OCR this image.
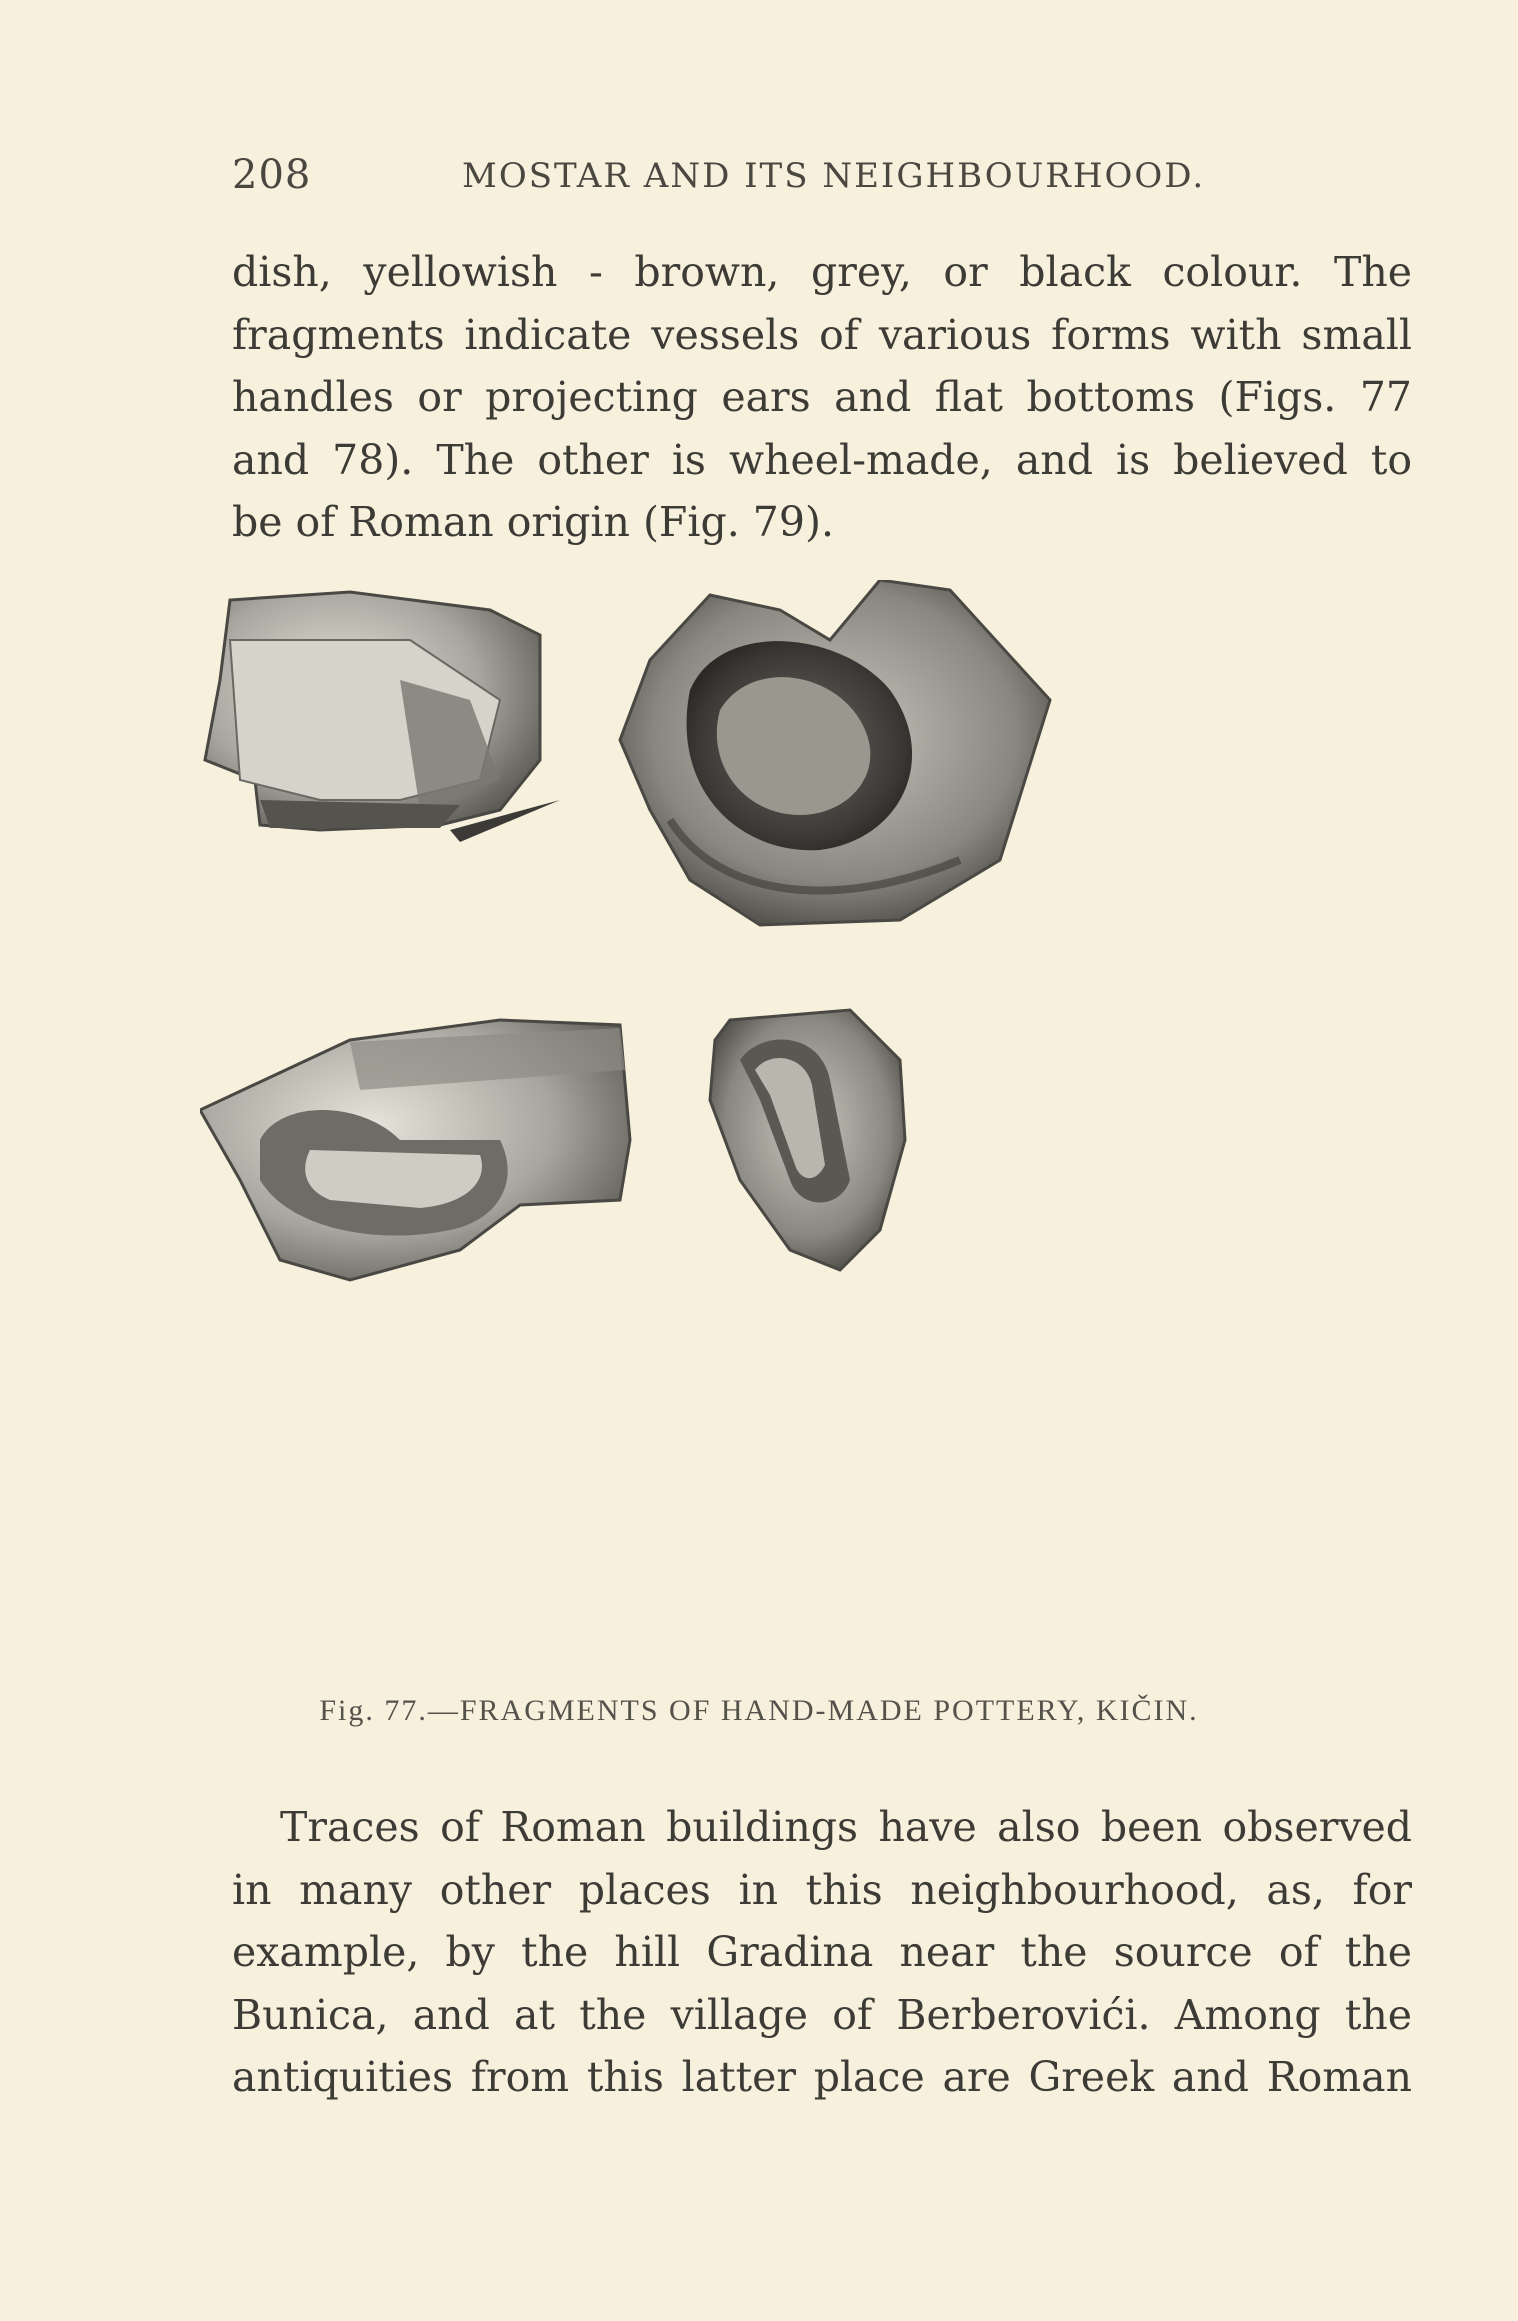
208	MOSTAR AND ITS NEIGHBOURHOOD.
dish, yellowish - brown, grey, or black colour. The
fragments indicate vessels of various forms with small
handles or projecting ears and flat bottoms (Figs. 77
and 78). The other is wheel-made, and is believed to
be of Roman origin (Fig. 79).
Fig. 77.—FRAGMENTS OF HAND-MADE POTTERY, KIČIN.
Traces of Roman buildings have also been observed
in many other places in this neighbourhood, as, for
example, by the hill Gradina near the source of the
Bunica, and at the village of Berberovići. Among the
antiquities from this latter place are Greek and Roman
